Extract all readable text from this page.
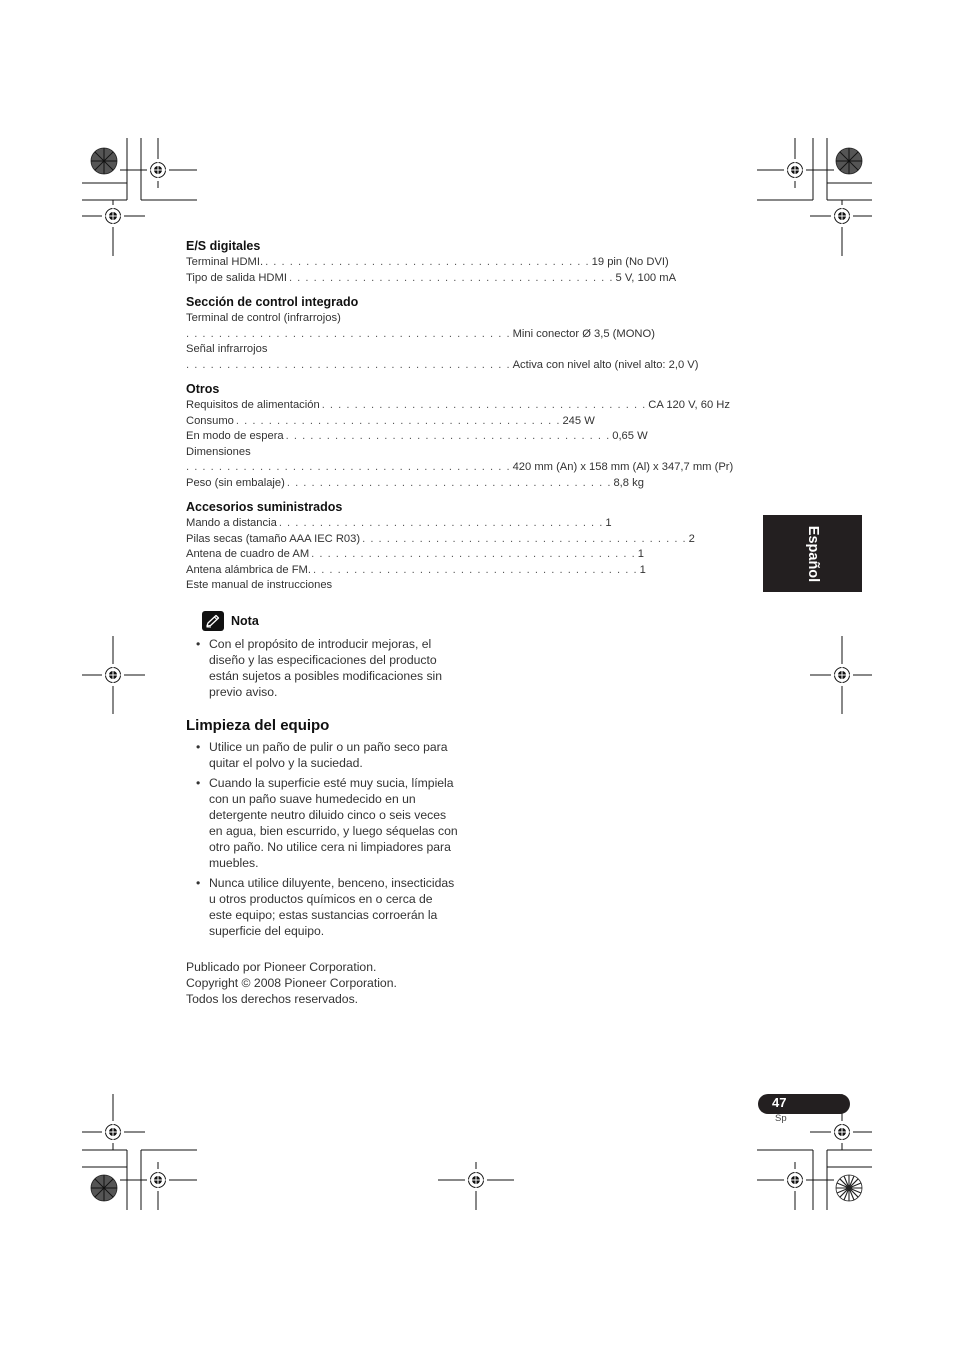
E/S digitales
Terminal HDMI. . . . . . . . . . . . . . . . . . . . . . . . . . . . . . . . . . . . . . . . . 19 pin (No DVI)
Tipo de salida HDMI . . . . . . . . . . . . . . . . . . . . . . . . . . . . . . . . . . . . . . . . 5 V, 100 mA
Sección de control integrado
Terminal de control (infrarrojos)
. . . . . . . . . . . . . . . . . . . . . . . . . . . . . . . . . . . . . . . . Mini conector Ø 3,5 (MONO)
Señal infrarrojos
. . . . . . . . . . . . . . . . . . . . . . . . . . . . . . . . . . . . . . . . Activa con nivel alto (nivel alto: 2,0 V)
Otros
Requisitos de alimentación . . . . . . . . . . . . . . . . . . . . . . . . . . . . . . . . . . . . . . . . CA 120 V, 60 Hz
Consumo . . . . . . . . . . . . . . . . . . . . . . . . . . . . . . . . . . . . . . . . 245 W
En modo de espera . . . . . . . . . . . . . . . . . . . . . . . . . . . . . . . . . . . . . . . . 0,65 W
Dimensiones
. . . . . . . . . . . . . . . . . . . . . . . . . . . . . . . . . . . . . . . . 420 mm (An) x 158 mm (Al) x 347,7 mm (Pr)
Peso (sin embalaje) . . . . . . . . . . . . . . . . . . . . . . . . . . . . . . . . . . . . . . . . 8,8 kg
Accesorios suministrados
Mando a distancia . . . . . . . . . . . . . . . . . . . . . . . . . . . . . . . . . . . . . . . . 1
Pilas secas (tamaño AAA IEC R03) . . . . . . . . . . . . . . . . . . . . . . . . . . . . . . . . . . . . . . . . 2
Antena de cuadro de AM . . . . . . . . . . . . . . . . . . . . . . . . . . . . . . . . . . . . . . . . 1
Antena alámbrica de FM. . . . . . . . . . . . . . . . . . . . . . . . . . . . . . . . . . . . . . . . . 1
Este manual de instrucciones
Nota
• Con el propósito de introducir mejoras, el diseño y las especificaciones del producto están sujetos a posibles modificaciones sin previo aviso.
Limpieza del equipo
• Utilice un paño de pulir o un paño seco para quitar el polvo y la suciedad.
• Cuando la superficie esté muy sucia, límpiela con un paño suave humedecido en un detergente neutro diluido cinco o seis veces en agua, bien escurrido, y luego séquelas con otro paño. No utilice cera ni limpiadores para muebles.
• Nunca utilice diluyente, benceno, insecticidas u otros productos químicos en o cerca de este equipo; estas sustancias corroerán la superficie del equipo.
Publicado por Pioneer Corporation.
Copyright © 2008 Pioneer Corporation.
Todos los derechos reservados.
Español
47
Sp
